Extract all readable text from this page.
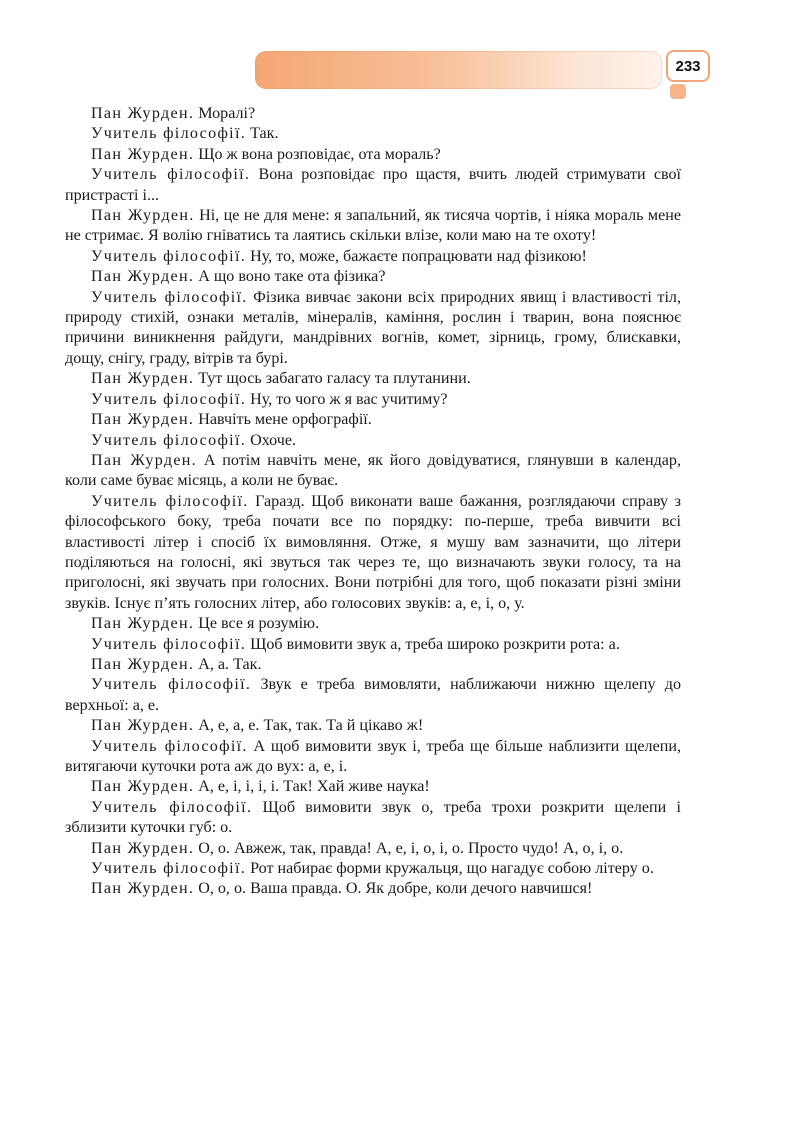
233

Пан Журден. Моралі?

Учитель філософії. Так.

Пан Журден. Що ж вона розповідає, ота мораль?

Учитель філософії. Вона розповідає про щастя, вчить людей стримувати свої пристрасті і...

Пан Журден. Ні, це не для мене: я запальний, як тисяча чортів, і ніяка мораль мене не стримає. Я волію гніватись та лаятись скільки влізе, коли маю на те охоту!

Учитель філософії. Ну, то, може, бажаєте попрацювати над фізикою!

Пан Журден. А що воно таке ота фізика?

Учитель філософії. Фізика вивчає закони всіх природних явищ і властивості тіл, природу стихій, ознаки металів, мінералів, каміння, рослин і тварин, вона пояснює причини виникнення райдуги, мандрівних вогнів, комет, зірниць, грому, блискавки, дощу, снігу, граду, вітрів та бурі.

Пан Журден. Тут щось забагато галасу та плутанини.

Учитель філософії. Ну, то чого ж я вас учитиму?

Пан Журден. Навчіть мене орфографії.

Учитель філософії. Охоче.

Пан Журден. А потім навчіть мене, як його довідуватися, глянувши в календар, коли саме буває місяць, а коли не буває.

Учитель філософії. Гаразд. Щоб виконати ваше бажання, розглядаючи справу з філософського боку, треба почати все по порядку: по-перше, треба вивчити всі властивості літер і спосіб їх вимовляння. Отже, я мушу вам зазначити, що літери поділяються на голосні, які звуться так через те, що визначають звуки голосу, та на приголосні, які звучать при голосних. Вони потрібні для того, щоб показати різні зміни звуків. Існує п’ять голосних літер, або голосових звуків: а, е, і, о, у.

Пан Журден. Це все я розумію.

Учитель філософії. Щоб вимовити звук а, треба широко розкрити рота: а.

Пан Журден. А, а. Так.

Учитель філософії. Звук е треба вимовляти, наближаючи нижню щелепу до верхньої: а, е.

Пан Журден. А, е, а, е. Так, так. Та й цікаво ж!

Учитель філософії. А щоб вимовити звук і, треба ще більше наблизити щелепи, витягаючи куточки рота аж до вух: а, е, і.

Пан Журден. А, е, і, і, і, і. Так! Хай живе наука!

Учитель філософії. Щоб вимовити звук о, треба трохи розкрити щелепи і зблизити куточки губ: о.

Пан Журден. О, о. Авжеж, так, правда! А, е, і, о, і, о. Просто чудо! А, о, і, о.

Учитель філософії. Рот набирає форми кружальця, що нагадує собою літеру о.

Пан Журден. О, о, о. Ваша правда. О. Як добре, коли дечого навчишся!
